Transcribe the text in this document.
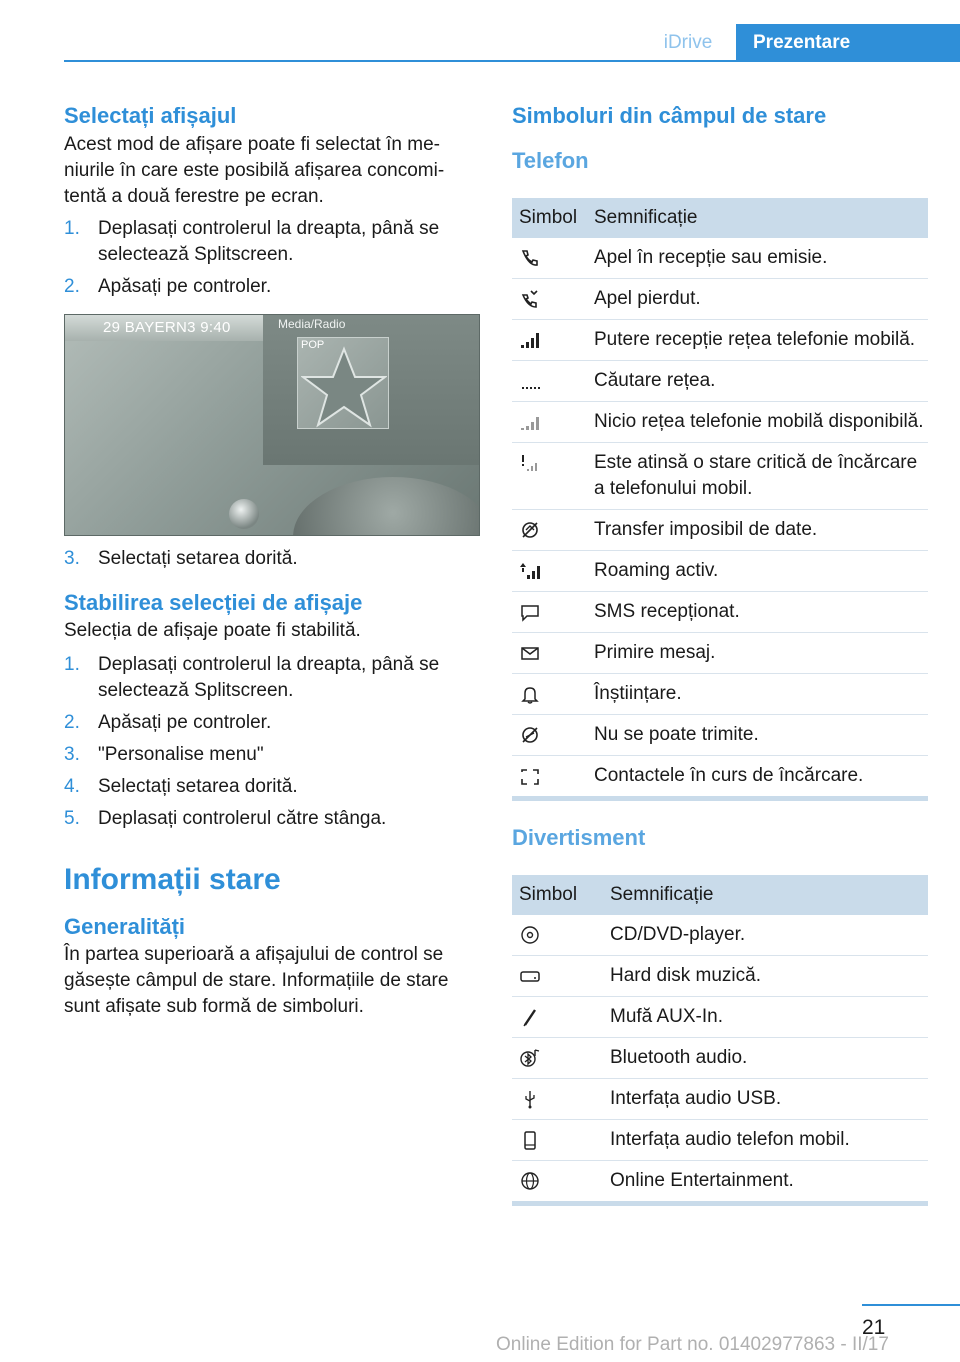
iDrive	Prezentare
Selectați afișajul
Acest mod de afișare poate fi selectat în meniurile în care este posibilă afișarea concomitentă a două ferestre pe ecran.
1. Deplasați controlerul la dreapta, până se selectează Splitscreen.
2. Apăsați pe controler.
29 BAYERN3 9:40	Media/Radio
POP
3. Selectați setarea dorită.
Stabilirea selecției de afișaje
Selecția de afișaje poate fi stabilită.
1. Deplasați controlerul la dreapta, până se selectează Splitscreen.
2. Apăsați pe controler.
3. "Personalise menu"
4. Selectați setarea dorită.
5. Deplasați controlerul către stânga.
Informații stare
Generalități
În partea superioară a afișajului de control se găsește câmpul de stare. Informațiile de stare sunt afișate sub formă de simboluri.
Simboluri din câmpul de stare
Telefon
Simbol Semnificație
Apel în recepție sau emisie.
Apel pierdut.
Putere recepție rețea telefonie mobilă.
Căutare rețea.
Nicio rețea telefonie mobilă disponibilă.
Este atinsă o stare critică de încărcare a telefonului mobil.
Transfer imposibil de date.
Roaming activ.
SMS recepționat.
Primire mesaj.
Înștiințare.
Nu se poate trimite.
Contactele în curs de încărcare.
Divertisment
Simbol	Semnificație
CD/DVD-player.
Hard disk muzică.
Mufă AUX-In.
Bluetooth audio.
Interfața audio USB.
Interfața audio telefon mobil.
Online Entertainment.
21
Online Edition for Part no. 01402977863 - II/17
